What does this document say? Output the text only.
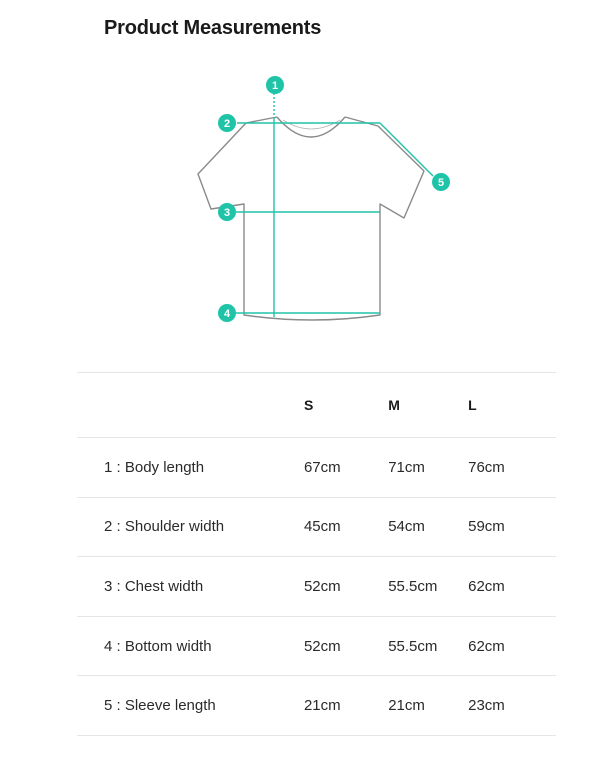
Product Measurements
1
2
3
4
5
	S	M	L
1 : Body length	67cm	71cm	76cm
2 : Shoulder width	45cm	54cm	59cm
3 : Chest width	52cm	55.5cm	62cm
4 : Bottom width	52cm	55.5cm	62cm
5 : Sleeve length	21cm	21cm	23cm
